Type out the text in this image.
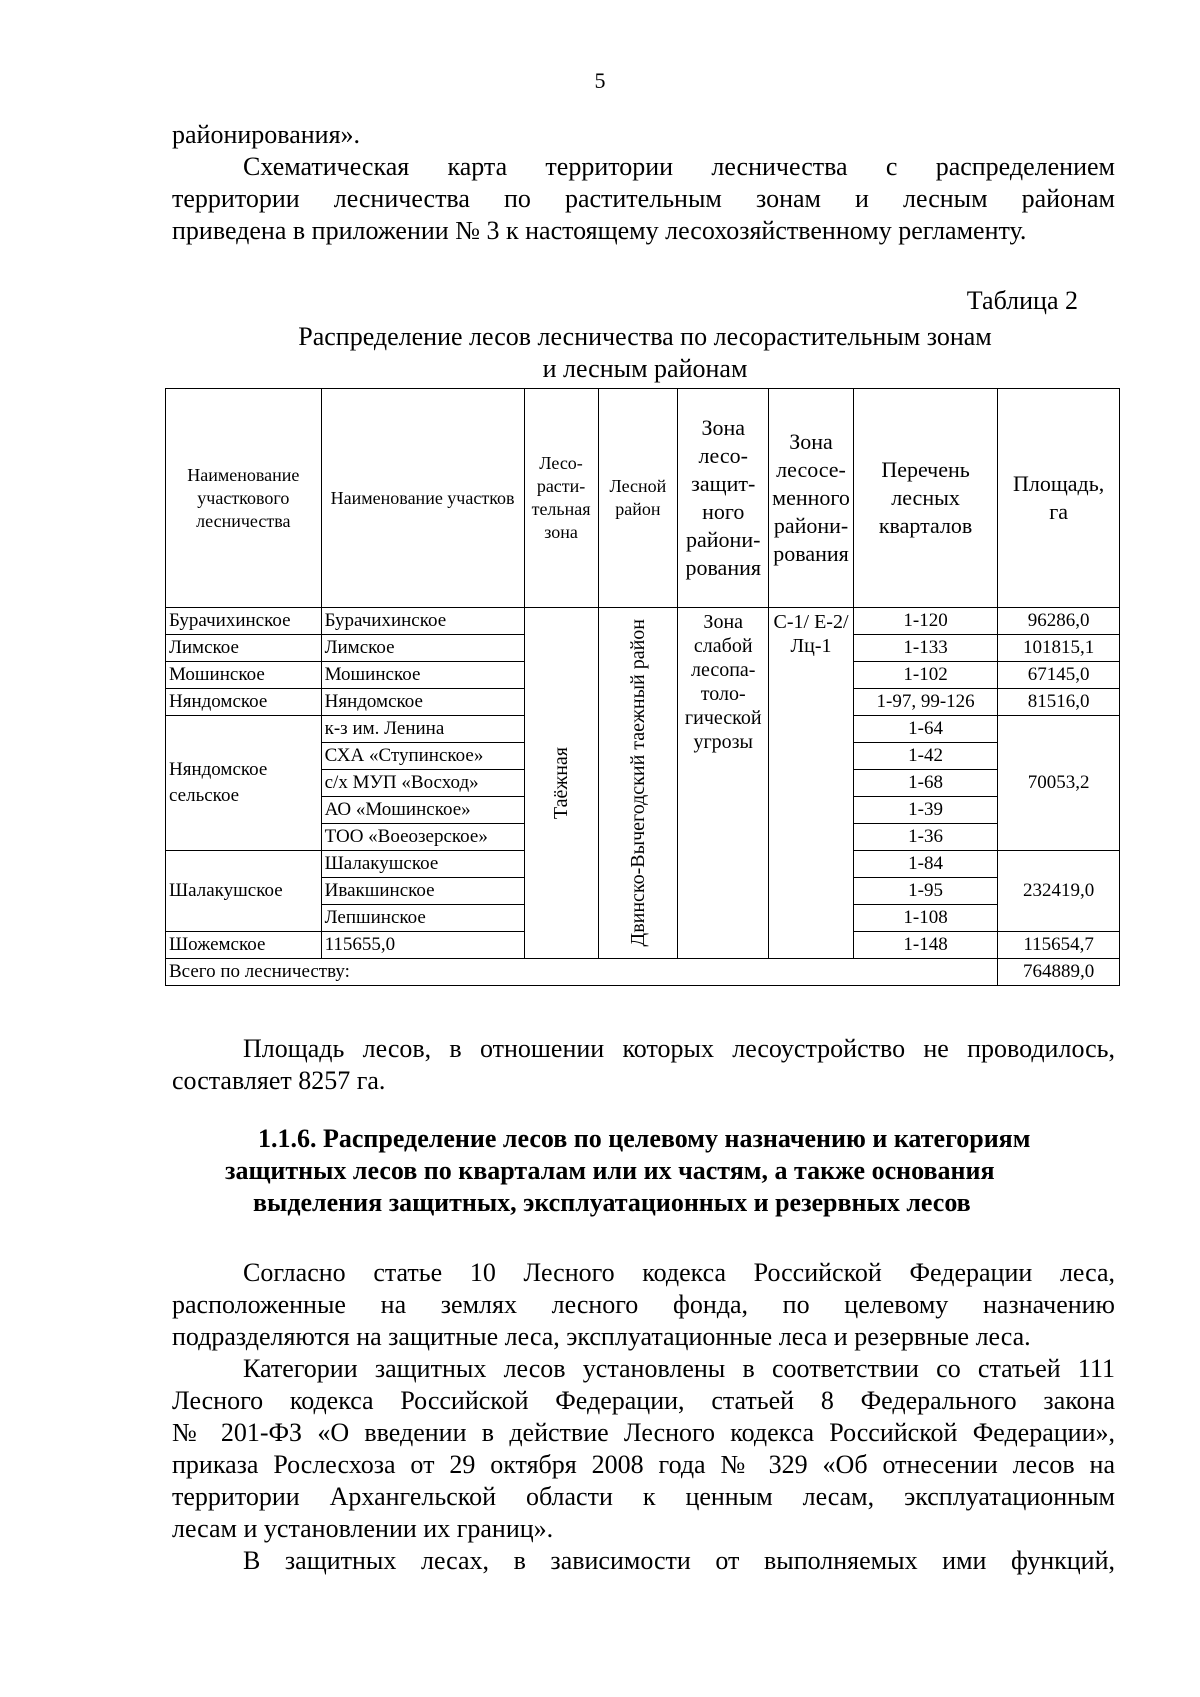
5
районирования».
Схематическая карта территории лесничества с распределением
территории лесничества по растительным зонам и лесным районам
приведена в приложении № 3 к настоящему лесохозяйственному регламенту.
Таблица 2
Распределение лесов лесничества по лесорастительным зонам
и лесным районам
Наименование участкового лесничества	Наименование участков	Лесо-расти-тельная зона	Лесной район	Зона лесо-защит-ного райони-рования	Зона лесосе-менного райони-рования	Перечень лесных кварталов	Площадь, га
Бурачихинское	Бурачихинское	Таёжная	Двинско-Вычегодский таежный район	Зона слабой лесопа-толо-гической угрозы	С-1/ Е-2/ Лц-1	1-120	96286,0
Лимское	Лимское					1-133	101815,1
Мошинское	Мошинское					1-102	67145,0
Няндомское	Няндомское					1-97, 99-126	81516,0
Няндомское сельское	к-з им. Ленина					1-64	70053,2
	СХА «Ступинское»					1-42	
	с/х МУП «Восход»					1-68	
	АО «Мошинское»					1-39	
	ТОО «Воеозерское»					1-36	
Шалакушское	Шалакушское					1-84	232419,0
	Ивакшинское					1-95	
	Лепшинское					1-108	
Шожемское	115655,0					1-148	115654,7
Всего по лесничеству:							764889,0
Площадь лесов, в отношении которых лесоустройство не проводилось,
составляет 8257 га.
1.1.6. Распределение лесов по целевому назначению и категориям
защитных лесов по кварталам или их частям, а также основания
выделения защитных, эксплуатационных и резервных лесов
Согласно статье 10 Лесного кодекса Российской Федерации леса,
расположенные на землях лесного фонда, по целевому назначению
подразделяются на защитные леса, эксплуатационные леса и резервные леса.
Категории защитных лесов установлены в соответствии со статьей 111
Лесного кодекса Российской Федерации, статьей 8 Федерального закона
№ 201-ФЗ «О введении в действие Лесного кодекса Российской Федерации»,
приказа Рослесхоза от 29 октября 2008 года № 329 «Об отнесении лесов на
территории Архангельской области к ценным лесам, эксплуатационным
лесам и установлении их границ».
В защитных лесах, в зависимости от выполняемых ими функций,
